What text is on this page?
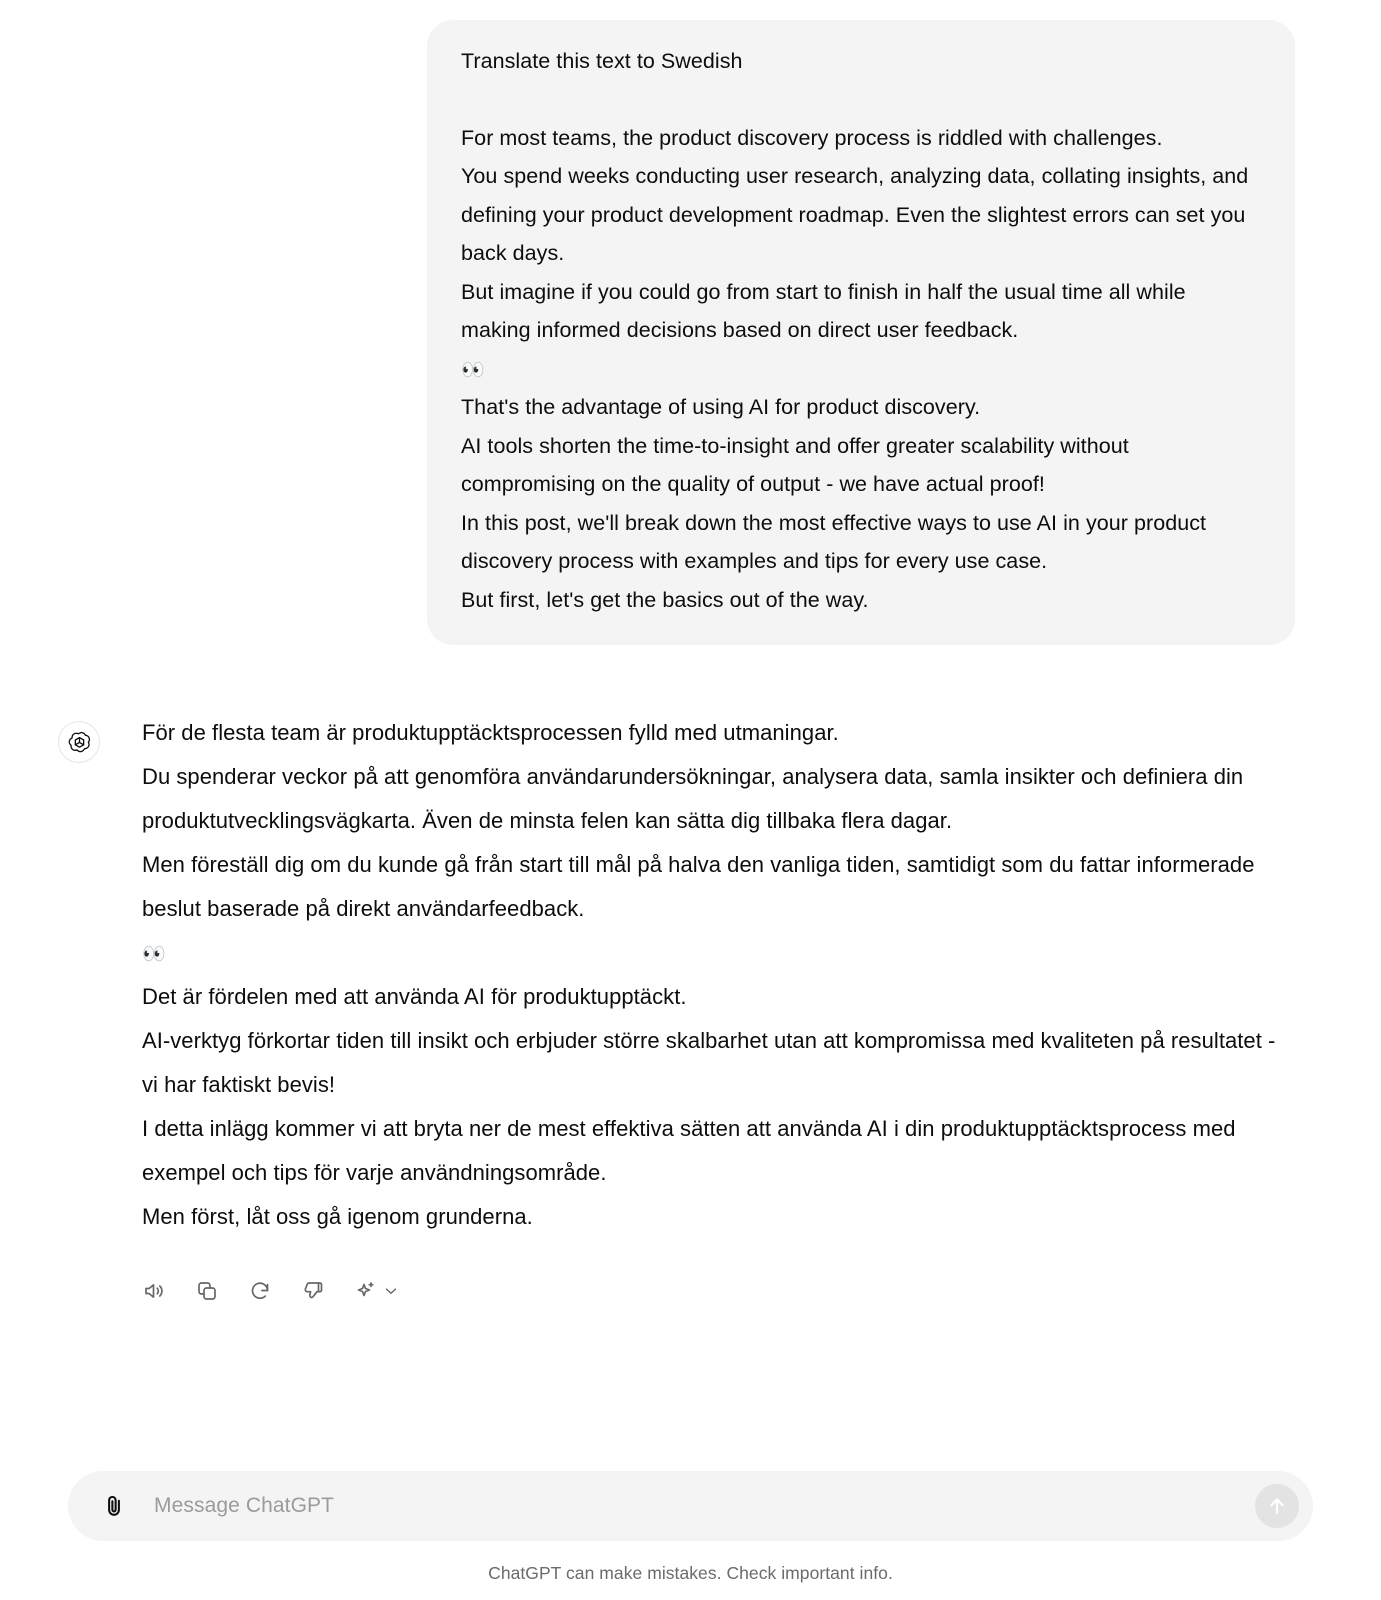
Translate this text to Swedish

For most teams, the product discovery process is riddled with challenges.

You spend weeks conducting user research, analyzing data, collating insights, and defining your product development roadmap. Even the slightest errors can set you back days.

But imagine if you could go from start to finish in half the usual time all while making informed decisions based on direct user feedback.

👀

That's the advantage of using AI for product discovery.

AI tools shorten the time-to-insight and offer greater scalability without compromising on the quality of output - we have actual proof!

In this post, we'll break down the most effective ways to use AI in your product discovery process with examples and tips for every use case.

But first, let's get the basics out of the way.

För de flesta team är produktupptäcktsprocessen fylld med utmaningar.

Du spenderar veckor på att genomföra användarundersökningar, analysera data, samla insikter och definiera din produktutvecklingsvägkarta. Även de minsta felen kan sätta dig tillbaka flera dagar.

Men föreställ dig om du kunde gå från start till mål på halva den vanliga tiden, samtidigt som du fattar informerade beslut baserade på direkt användarfeedback.

👀

Det är fördelen med att använda AI för produktupptäckt.

AI-verktyg förkortar tiden till insikt och erbjuder större skalbarhet utan att kompromissa med kvaliteten på resultatet - vi har faktiskt bevis!

I detta inlägg kommer vi att bryta ner de mest effektiva sätten att använda AI i din produktupptäcktsprocess med exempel och tips för varje användningsområde.

Men först, låt oss gå igenom grunderna.

Message ChatGPT
ChatGPT can make mistakes. Check important info.
